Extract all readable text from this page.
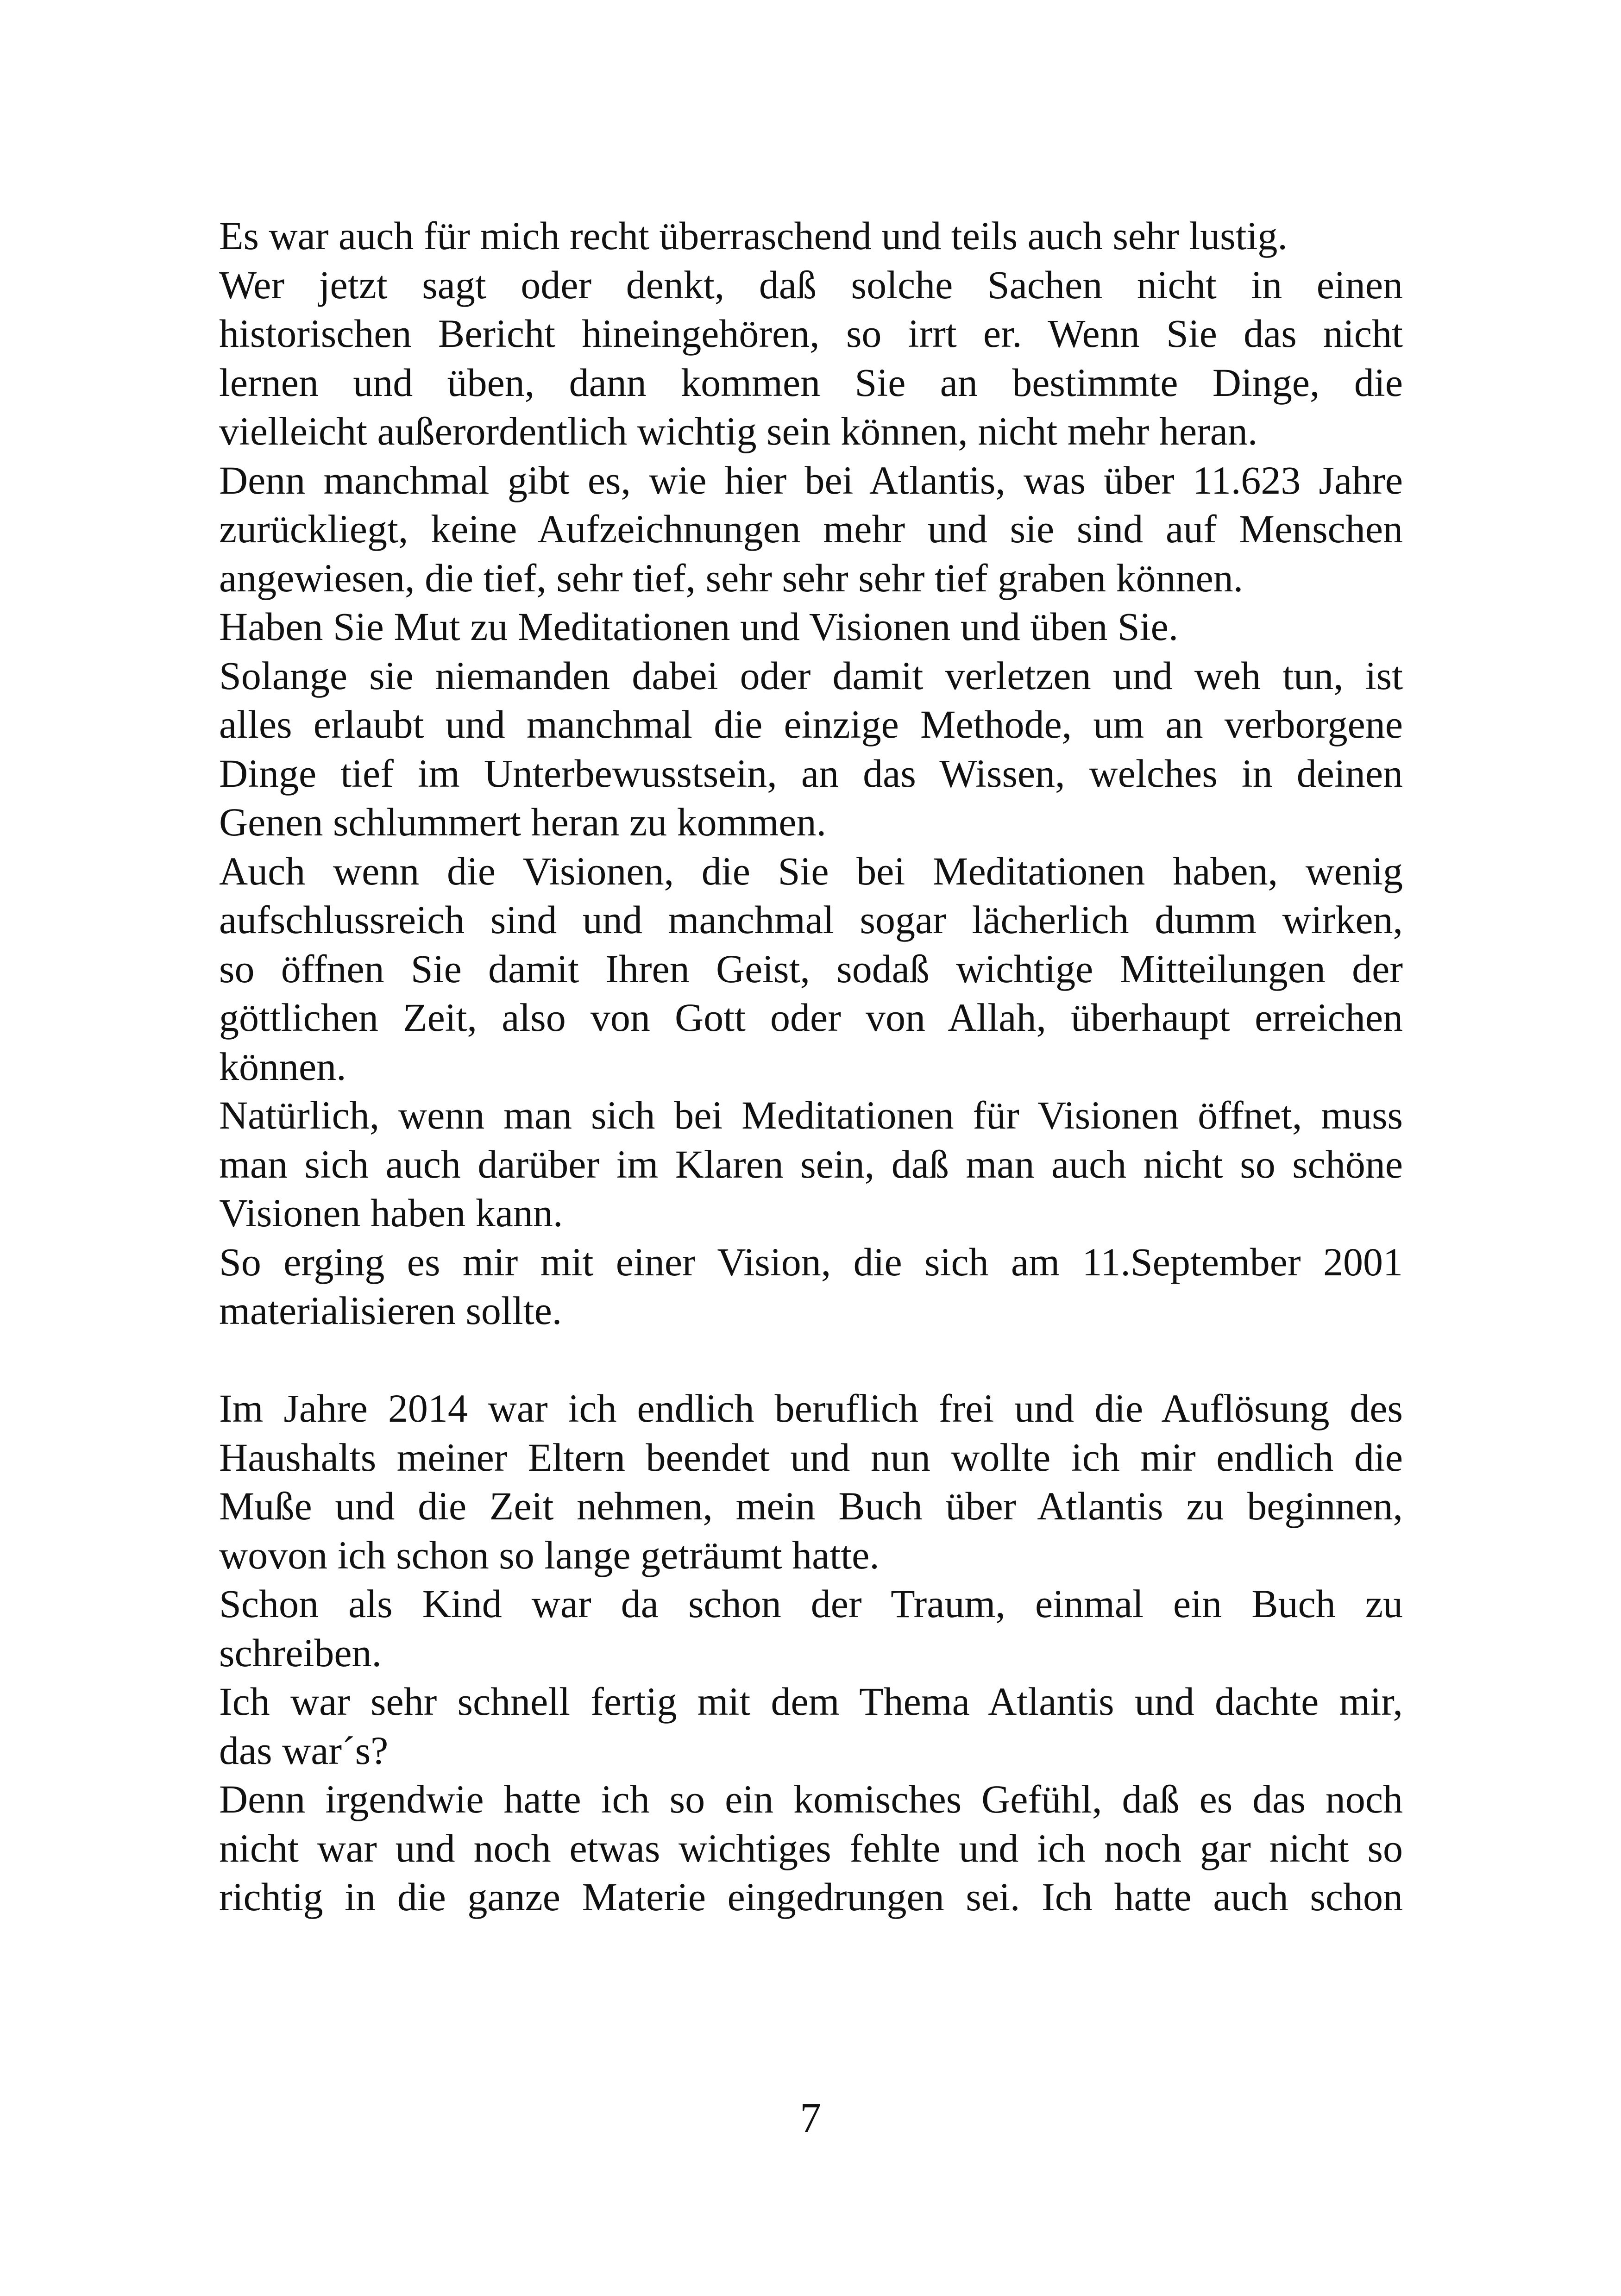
Es war auch für mich recht überraschend und teils auch sehr lustig.
Wer jetzt sagt oder denkt, daß solche Sachen nicht in einen
historischen Bericht hineingehören, so irrt er. Wenn Sie das nicht
lernen und üben, dann kommen Sie an bestimmte Dinge, die
vielleicht außerordentlich wichtig sein können, nicht mehr heran.
Denn manchmal gibt es, wie hier bei Atlantis, was über 11.623 Jahre
zurückliegt, keine Aufzeichnungen mehr und sie sind auf Menschen
angewiesen, die tief, sehr tief, sehr sehr sehr tief graben können.
Haben Sie Mut zu Meditationen und Visionen und üben Sie.
Solange sie niemanden dabei oder damit verletzen und weh tun, ist
alles erlaubt und manchmal die einzige Methode, um an verborgene
Dinge tief im Unterbewusstsein, an das Wissen, welches in deinen
Genen schlummert heran zu kommen.
Auch wenn die Visionen, die Sie bei Meditationen haben, wenig
aufschlussreich sind und manchmal sogar lächerlich dumm wirken,
so öffnen Sie damit Ihren Geist, sodaß wichtige Mitteilungen der
göttlichen Zeit, also von Gott oder von Allah, überhaupt erreichen
können.
Natürlich, wenn man sich bei Meditationen für Visionen öffnet, muss
man sich auch darüber im Klaren sein, daß man auch nicht so schöne
Visionen haben kann.
So erging es mir mit einer Vision, die sich am 11.September 2001
materialisieren sollte.
Im Jahre 2014 war ich endlich beruflich frei und die Auflösung des
Haushalts meiner Eltern beendet und nun wollte ich mir endlich die
Muße und die Zeit nehmen, mein Buch über Atlantis zu beginnen,
wovon ich schon so lange geträumt hatte.
Schon als Kind war da schon der Traum, einmal ein Buch zu
schreiben.
Ich war sehr schnell fertig mit dem Thema Atlantis und dachte mir,
das war´s?
Denn irgendwie hatte ich so ein komisches Gefühl, daß es das noch
nicht war und noch etwas wichtiges fehlte und ich noch gar nicht so
richtig in die ganze Materie eingedrungen sei. Ich hatte auch schon
7
